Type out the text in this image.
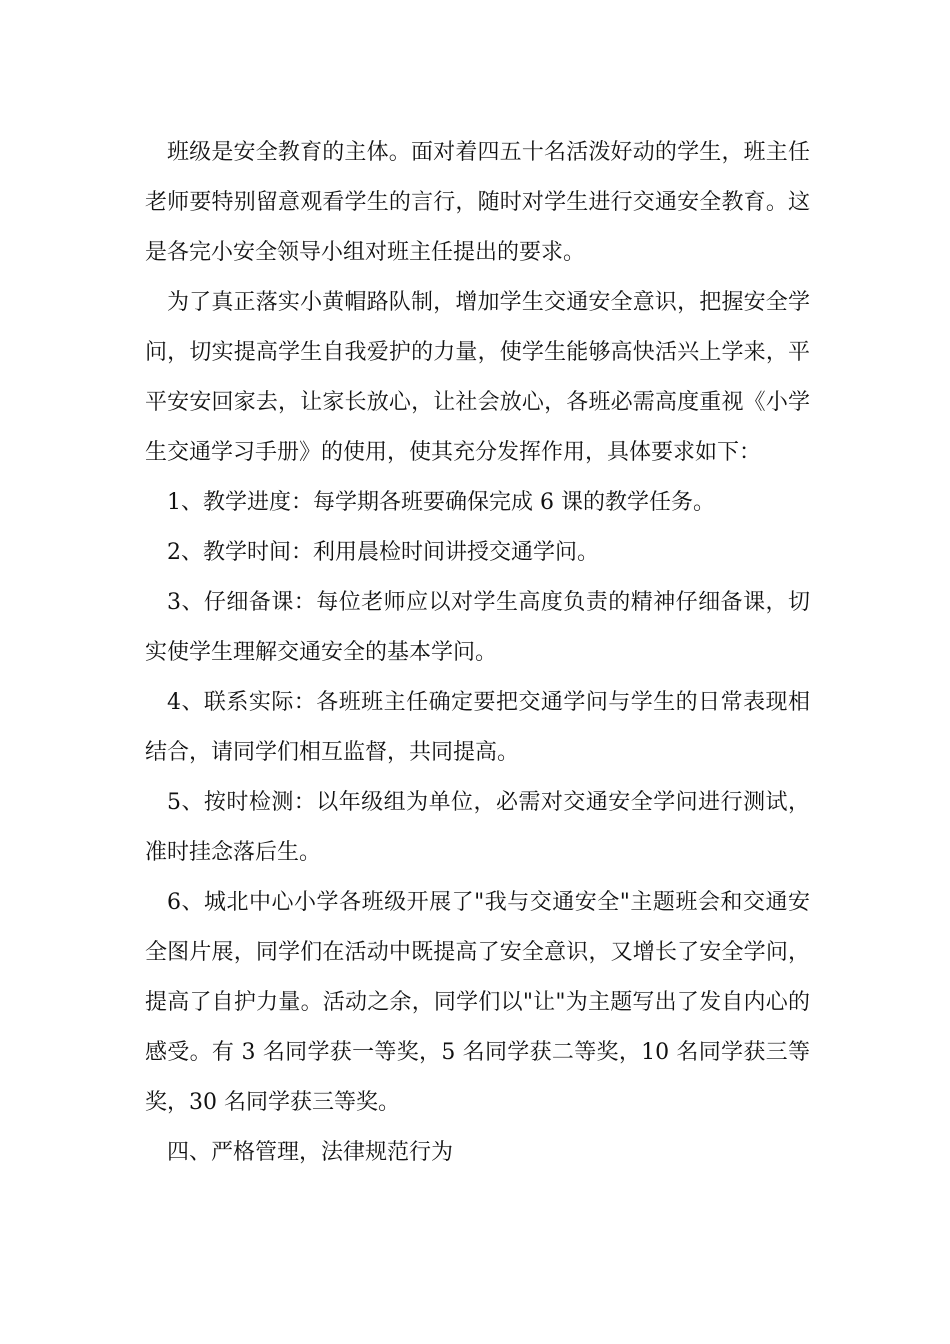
班级是安全教育的主体。面对着四五十名活泼好动的学生，班主任老师要特别留意观看学生的言行，随时对学生进行交通安全教育。这是各完小安全领导小组对班主任提出的要求。

为了真正落实小黄帽路队制，增加学生交通安全意识，把握安全学问，切实提高学生自我爱护的力量，使学生能够高快活兴上学来，平平安安回家去，让家长放心，让社会放心，各班必需高度重视《小学生交通学习手册》的使用，使其充分发挥作用，具体要求如下：

1、教学进度：每学期各班要确保完成 6 课的教学任务。

2、教学时间：利用晨检时间讲授交通学问。

3、仔细备课：每位老师应以对学生高度负责的精神仔细备课，切实使学生理解交通安全的基本学问。

4、联系实际：各班班主任确定要把交通学问与学生的日常表现相结合，请同学们相互监督，共同提高。

5、按时检测：以年级组为单位，必需对交通安全学问进行测试，准时挂念落后生。

6、城北中心小学各班级开展了"我与交通安全"主题班会和交通安全图片展，同学们在活动中既提高了安全意识，又增长了安全学问，提高了自护力量。活动之余，同学们以"让"为主题写出了发自内心的感受。有 3 名同学获一等奖，5 名同学获二等奖，10 名同学获三等奖，30 名同学获三等奖。

四、严格管理，法律规范行为
